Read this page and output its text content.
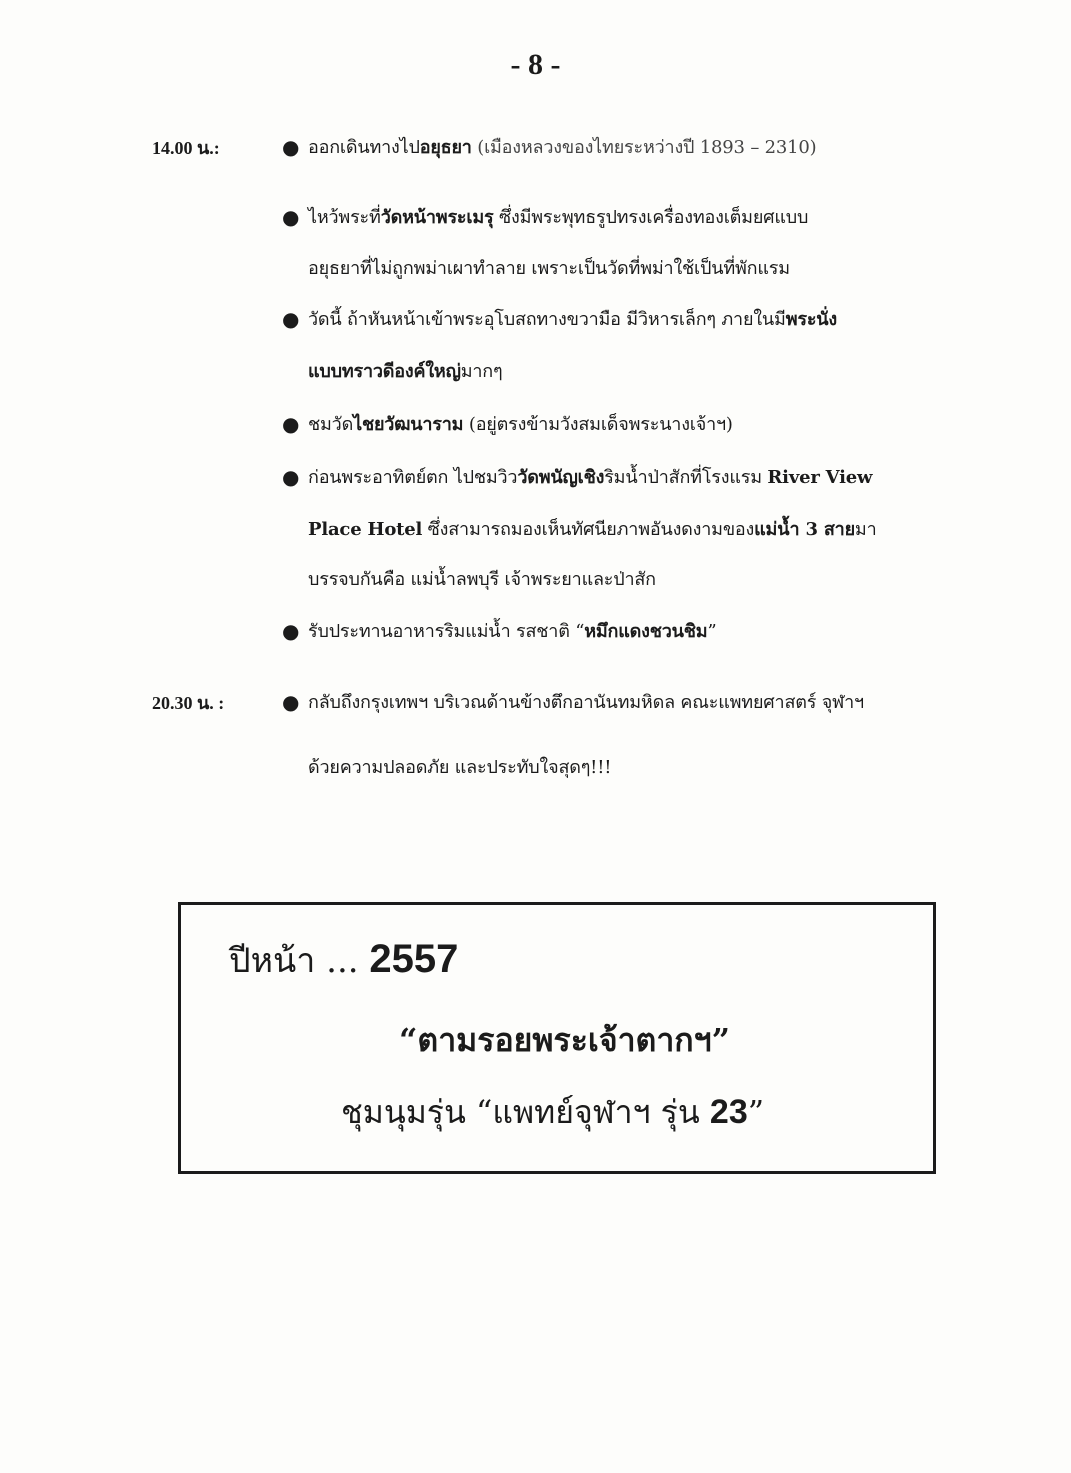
- 8 -
14.00 น.:
20.30 น. :
●
●
●
●
●
●
●
ออกเดินทางไปอยุธยา (เมืองหลวงของไทยระหว่างปี 1893 – 2310)
ไหว้พระที่วัดหน้าพระเมรุ ซึ่งมีพระพุทธรูปทรงเครื่องทองเต็มยศแบบ
อยุธยาที่ไม่ถูกพม่าเผาทำลาย เพราะเป็นวัดที่พม่าใช้เป็นที่พักแรม
วัดนี้ ถ้าหันหน้าเข้าพระอุโบสถทางขวามือ มีวิหารเล็กๆ ภายในมีพระนั่ง
แบบทราวดีองค์ใหญ่มากๆ
ชมวัดไชยวัฒนาราม (อยู่ตรงข้ามวังสมเด็จพระนางเจ้าฯ)
ก่อนพระอาทิตย์ตก ไปชมวิววัดพนัญเชิงริมน้ำป่าสักที่โรงแรม River View
Place Hotel ซึ่งสามารถมองเห็นทัศนียภาพอันงดงามของแม่น้ำ 3 สายมา
บรรจบกันคือ แม่น้ำลพบุรี เจ้าพระยาและป่าสัก
รับประทานอาหารริมแม่น้ำ รสชาติ “หมึกแดงชวนชิม”
กลับถึงกรุงเทพฯ บริเวณด้านข้างตึกอานันทมหิดล คณะแพทยศาสตร์ จุฬาฯ
ด้วยความปลอดภัย และประทับใจสุดๆ!!!
ปีหน้า ... 2557
“ตามรอยพระเจ้าตากฯ”
ชุมนุมรุ่น “แพทย์จุฬาฯ รุ่น 23”
